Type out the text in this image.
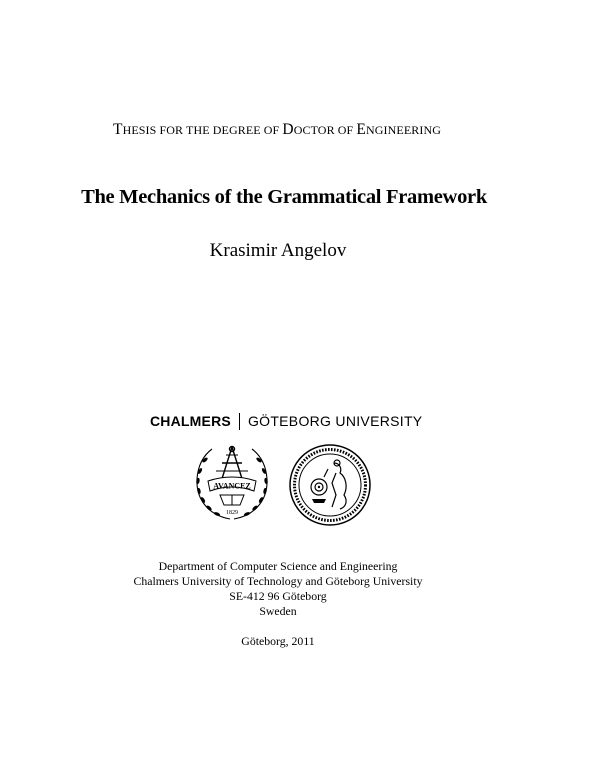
THESIS FOR THE DEGREE OF DOCTOR OF ENGINEERING
The Mechanics of the Grammatical Framework
Krasimir Angelov
CHALMERS GÖTEBORG UNIVERSITY
AVANCEZ
1829
Department of Computer Science and Engineering
Chalmers University of Technology and Göteborg University
SE-412 96 Göteborg
Sweden
Göteborg, 2011
